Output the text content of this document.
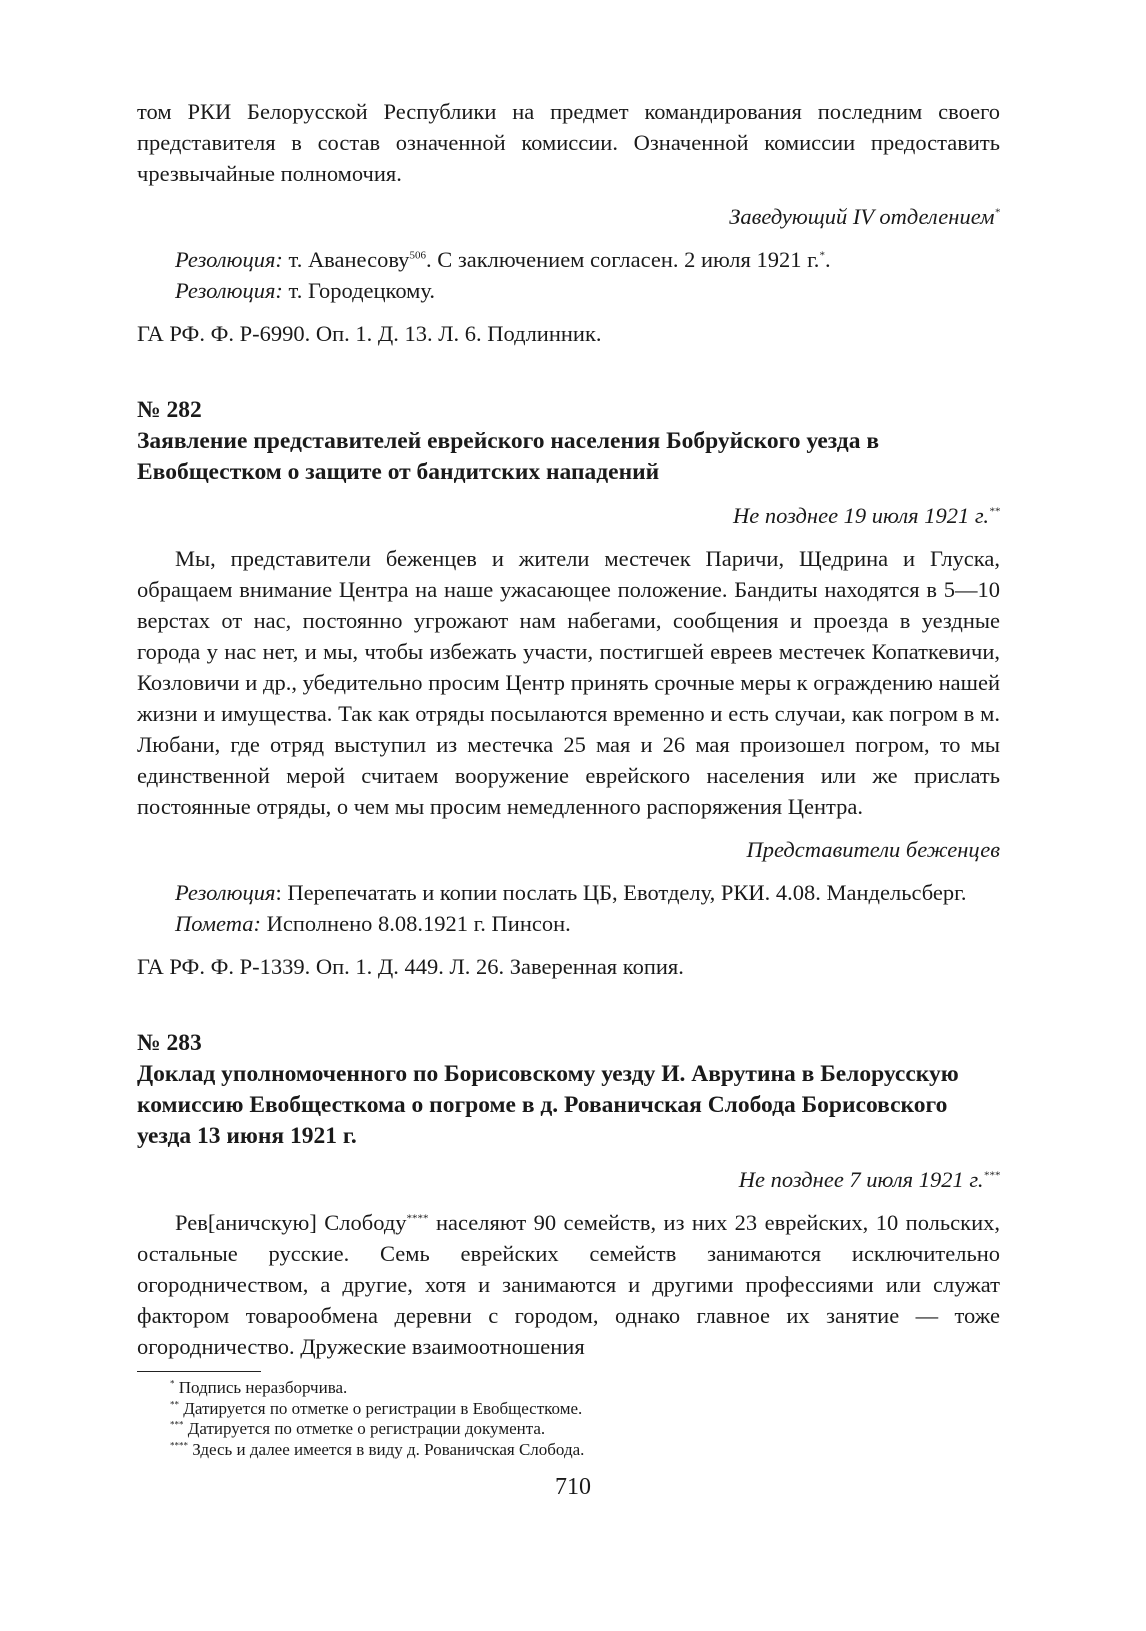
том РКИ Белорусской Республики на предмет командирования последним своего представителя в состав означенной комиссии. Означенной комиссии предоставить чрезвычайные полномочия.

Заведующий IV отделением*

Резолюция: т. Аванесову$^{506}$. С заключением согласен. 2 июля 1921 г.*.

Резолюция: т. Городецкому.

ГА РФ. Ф. Р-6990. Оп. 1. Д. 13. Л. 6. Подлинник.

№ 282
Заявление представителей еврейского населения Бобруйского уезда в Евобщестком о защите от бандитских нападений

Не позднее 19 июля 1921 г.**

Мы, представители беженцев и жители местечек Паричи, Щедрина и Глуска, обращаем внимание Центра на наше ужасающее положение. Бандиты находятся в 5—10 верстах от нас, постоянно угрожают нам набегами, сообщения и проезда в уездные города у нас нет, и мы, чтобы избежать участи, постигшей евреев местечек Копаткевичи, Козловичи и др., убедительно просим Центр принять срочные меры к ограждению нашей жизни и имущества. Так как отряды посылаются временно и есть случаи, как погром в м. Любани, где отряд выступил из местечка 25 мая и 26 мая произошел погром, то мы единственной мерой считаем вооружение еврейского населения или же прислать постоянные отряды, о чем мы просим немедленного распоряжения Центра.

Представители беженцев

Резолюция: Перепечатать и копии послать ЦБ, Евотделу, РКИ. 4.08. Мандельсберг.

Помета: Исполнено 8.08.1921 г. Пинсон.

ГА РФ. Ф. Р-1339. Оп. 1. Д. 449. Л. 26. Заверенная копия.

№ 283
Доклад уполномоченного по Борисовскому уезду И. Аврутина в Белорусскую комиссию Евобщесткома о погроме в д. Рованичская Слобода Борисовского уезда 13 июня 1921 г.

Не позднее 7 июля 1921 г.***

Рев[аничскую] Слободу**** населяют 90 семейств, из них 23 еврейских, 10 польских, остальные русские. Семь еврейских семейств занимаются исключительно огородничеством, а другие, хотя и занимаются и другими профессиями или служат фактором товарообмена деревни с городом, однако главное их занятие — тоже огородничество. Дружеские взаимоотношения

* Подпись неразборчива.

** Датируется по отметке о регистрации в Евобщесткоме.

*** Датируется по отметке о регистрации документа.

**** Здесь и далее имеется в виду д. Рованичская Слобода.

710
